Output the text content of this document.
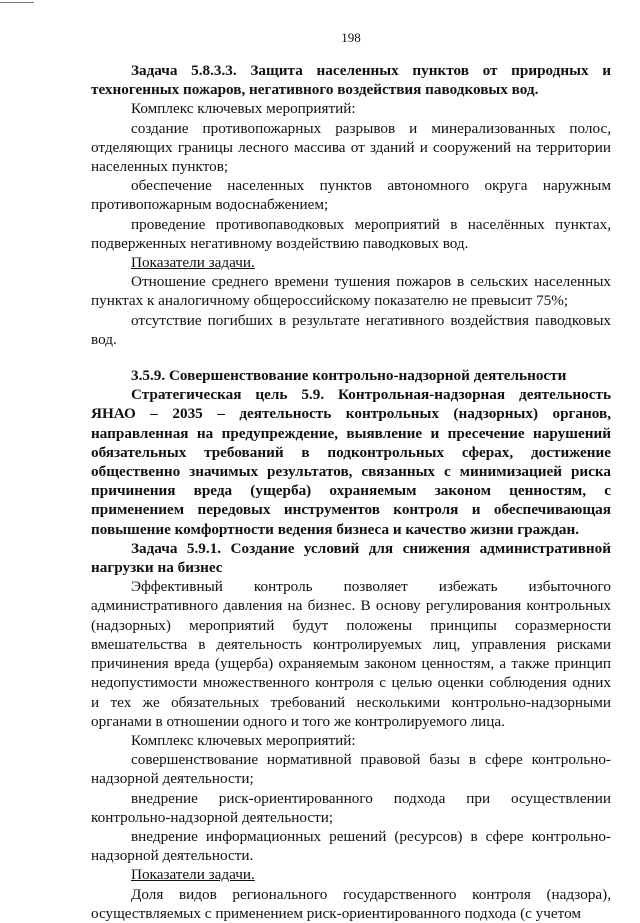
198

Задача 5.8.3.3. Защита населенных пунктов от природных и техногенных пожаров, негативного воздействия паводковых вод.

Комплекс ключевых мероприятий:

создание противопожарных разрывов и минерализованных полос, отделяющих границы лесного массива от зданий и сооружений на территории населенных пунктов;

обеспечение населенных пунктов автономного округа наружным противопожарным водоснабжением;

проведение противопаводковых мероприятий в населённых пунктах, подверженных негативному воздействию паводковых вод.

Показатели задачи.

Отношение среднего времени тушения пожаров в сельских населенных пунктах к аналогичному общероссийскому показателю не превысит 75%;

отсутствие погибших в результате негативного воздействия паводковых вод.

3.5.9. Совершенствование контрольно-надзорной деятельности

Стратегическая цель 5.9. Контрольная-надзорная деятельность ЯНАО – 2035 – деятельность контрольных (надзорных) органов, направленная на предупреждение, выявление и пресечение нарушений обязательных требований в подконтрольных сферах, достижение общественно значимых результатов, связанных с минимизацией риска причинения вреда (ущерба) охраняемым законом ценностям, с применением передовых инструментов контроля и обеспечивающая повышение комфортности ведения бизнеса и качество жизни граждан.

Задача 5.9.1. Создание условий для снижения административной нагрузки на бизнес

Эффективный контроль позволяет избежать избыточного административного давления на бизнес. В основу регулирования контрольных (надзорных) мероприятий будут положены принципы соразмерности вмешательства в деятельность контролируемых лиц, управления рисками причинения вреда (ущерба) охраняемым законом ценностям, а также принцип недопустимости множественного контроля с целью оценки соблюдения одних и тех же обязательных требований несколькими контрольно-надзорными органами в отношении одного и того же контролируемого лица.

Комплекс ключевых мероприятий:

совершенствование нормативной правовой базы в сфере контрольно-надзорной деятельности;

внедрение риск-ориентированного подхода при осуществлении контрольно-надзорной деятельности;

внедрение информационных решений (ресурсов) в сфере контрольно-надзорной деятельности.

Показатели задачи.

Доля видов регионального государственного контроля (надзора), осуществляемых с применением риск-ориентированного подхода (с учетом
